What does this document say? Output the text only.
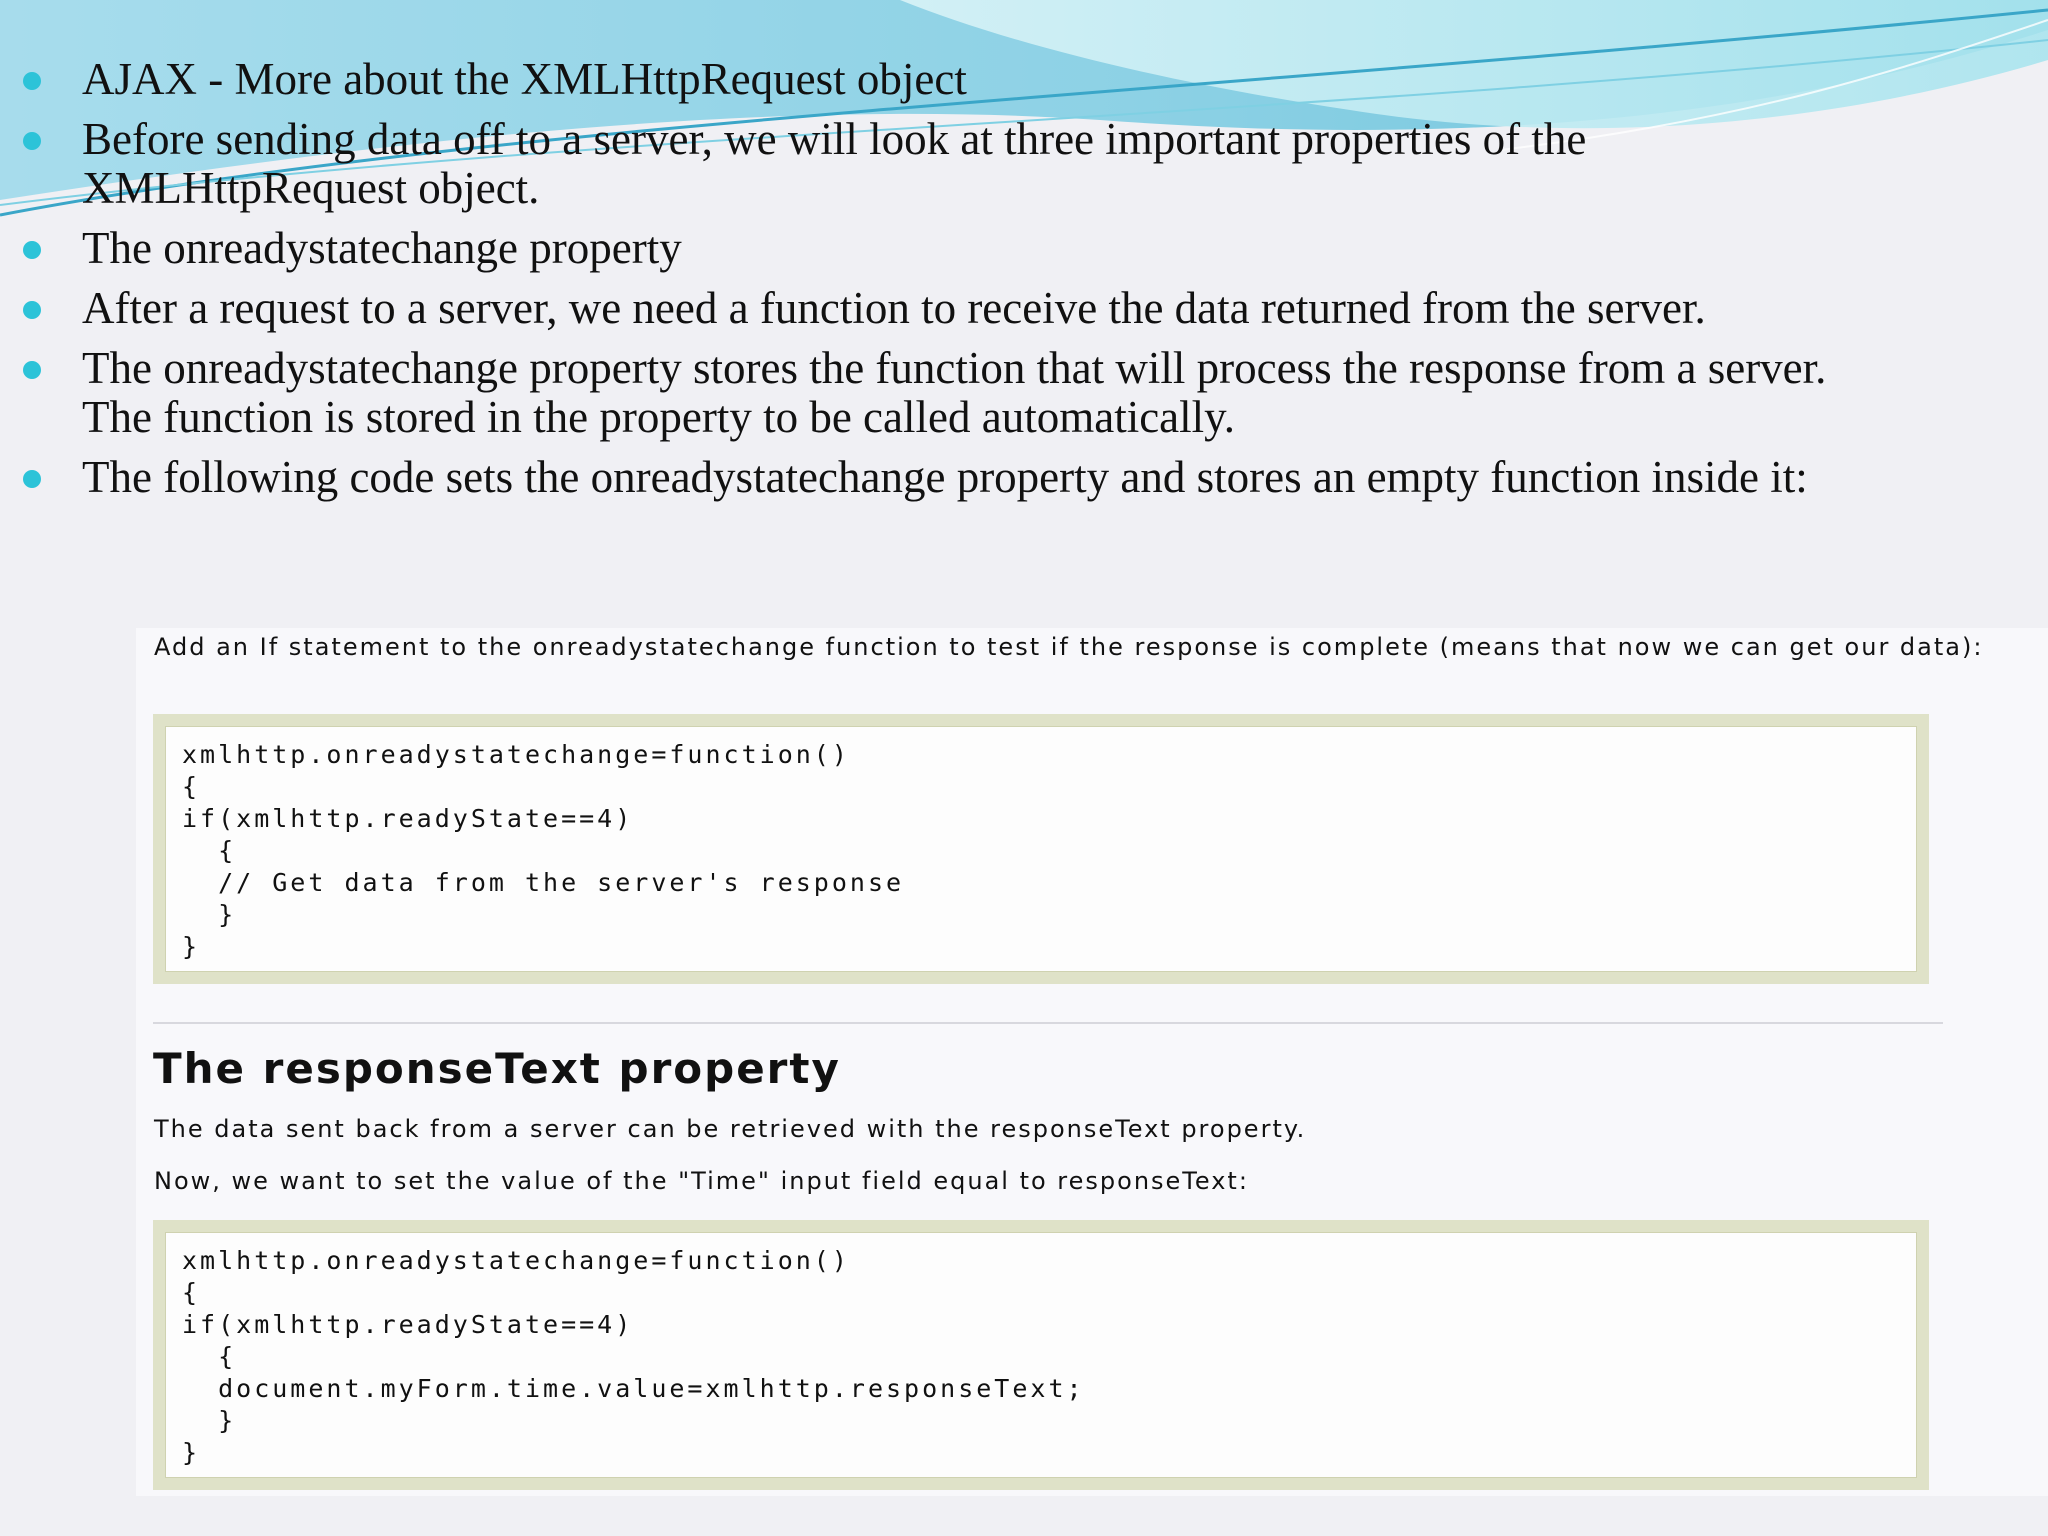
AJAX - More about the XMLHttpRequest object
Before sending data off to a server, we will look at three important properties of the XMLHttpRequest object.
The onreadystatechange property
After a request to a server, we need a function to receive the data returned from the server.
The onreadystatechange property stores the function that will process the response from a server. The function is stored in the property to be called automatically.
The following code sets the onreadystatechange property and stores an empty function inside it:
Add an If statement to the onreadystatechange function to test if the response is complete (means that now we can get our data):
xmlhttp.onreadystatechange=function()
{
if(xmlhttp.readyState==4)
{
// Get data from the server's response
}
}
The responseText property
The data sent back from a server can be retrieved with the responseText property.
Now, we want to set the value of the "Time" input field equal to responseText:
xmlhttp.onreadystatechange=function()
{
if(xmlhttp.readyState==4)
{
document.myForm.time.value=xmlhttp.responseText;
}
}
